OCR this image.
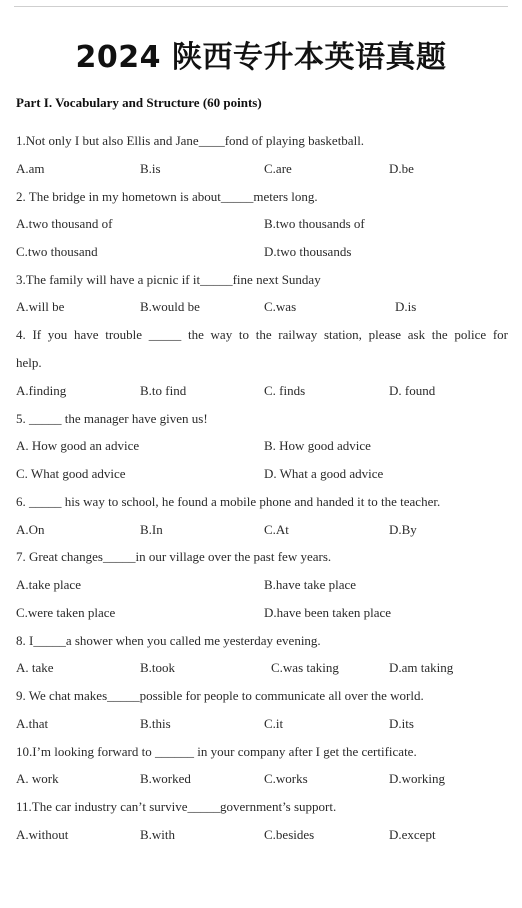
2024 陕西专升本英语真题
Part I. Vocabulary and Structure (60 points)
1.Not only I but also Ellis and Jane____fond of playing basketball.
A.am	B.is	C.are	D.be
2. The bridge in my hometown is about_____meters long.
A.two thousand of	B.two thousands of
C.two thousand	D.two thousands
3.The family will have a picnic if it_____fine next Sunday
A.will be	B.would be	C.was	D.is
4. If you have trouble _____ the way to the railway station, please ask the police for
help.
A.finding	B.to find	C. finds	D. found
5. _____ the manager have given us!
A. How good an advice	B. How good advice
C. What good advice	D. What a good advice
6. _____ his way to school, he found a mobile phone and handed it to the teacher.
A.On	B.In	C.At	D.By
7. Great changes_____in our village over the past few years.
A.take place	B.have take place
C.were taken place	D.have been taken place
8. I_____a shower when you called me yesterday evening.
A. take	B.took	C.was taking	D.am taking
9. We chat makes_____possible for people to communicate all over the world.
A.that	B.this	C.it	D.its
10.I’m looking forward to ______ in your company after I get the certificate.
A. work	B.worked	C.works	D.working
11.The car industry can’t survive_____government’s support.
A.without	B.with	C.besides	D.except
